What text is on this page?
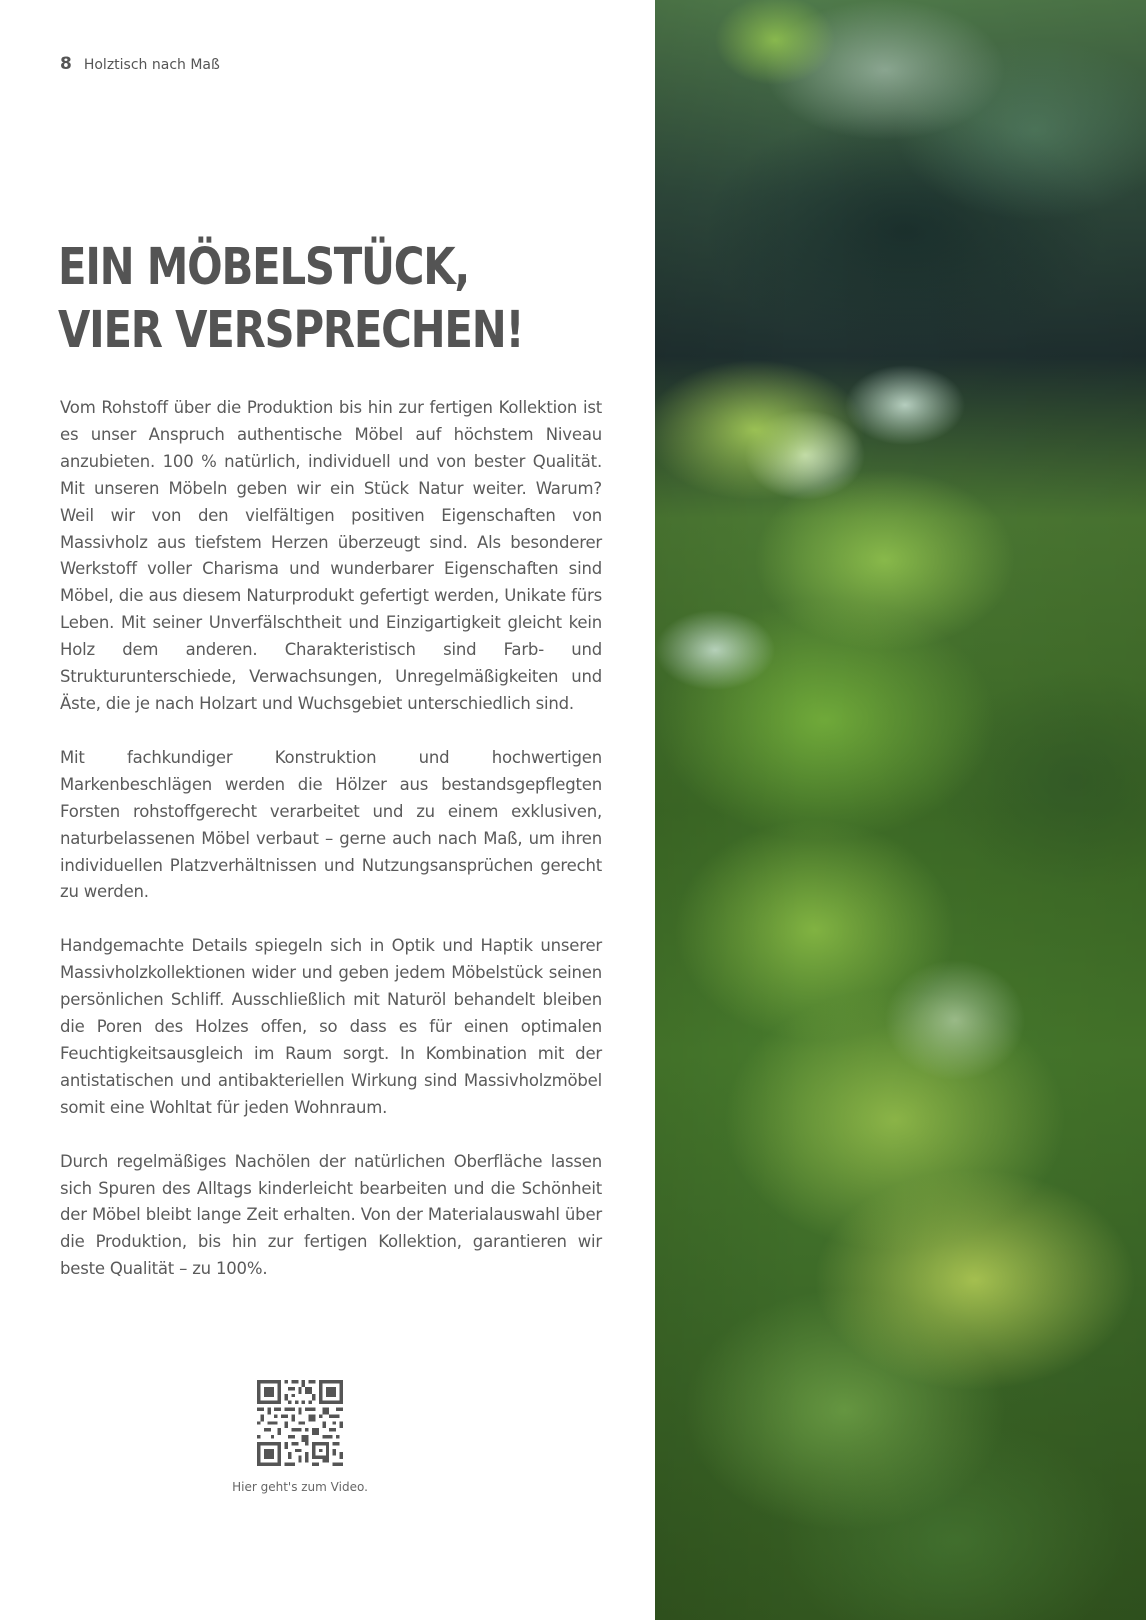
8 Holztisch nach Maß
EIN MÖBELSTÜCK,
VIER VERSPRECHEN!

Vom Rohstoff über die Produktion bis hin zur fertigen Kollektion ist es unser Anspruch authentische Möbel auf höchstem Niveau anzubieten. 100 % natürlich, individuell und von bester Qualität. Mit unseren Möbeln geben wir ein Stück Natur weiter. Warum? Weil wir von den vielfältigen positiven Eigenschaften von Massivholz aus tiefstem Herzen überzeugt sind. Als besonderer Werkstoff voller Charisma und wunderbarer Eigenschaften sind Möbel, die aus diesem Naturprodukt gefertigt werden, Unikate fürs Leben. Mit seiner Unverfälschtheit und Einzigartigkeit gleicht kein Holz dem anderen. Charakteristisch sind Farb- und Strukturunterschiede, Verwachsungen, Unregelmäßigkeiten und Äste, die je nach Holzart und Wuchsgebiet unterschiedlich sind.

Mit fachkundiger Konstruktion und hochwertigen Markenbeschlägen werden die Hölzer aus bestandsgepflegten Forsten rohstoffgerecht verarbeitet und zu einem exklusiven, naturbelassenen Möbel verbaut – gerne auch nach Maß, um ihren individuellen Platzverhältnissen und Nutzungsansprüchen gerecht zu werden.

Handgemachte Details spiegeln sich in Optik und Haptik unserer Massivholzkollektionen wider und geben jedem Möbelstück seinen persönlichen Schliff. Ausschließlich mit Naturöl behandelt bleiben die Poren des Holzes offen, so dass es für einen optimalen Feuchtigkeitsausgleich im Raum sorgt. In Kombination mit der antistatischen und antibakteriellen Wirkung sind Massivholzmöbel somit eine Wohltat für jeden Wohnraum.

Durch regelmäßiges Nachölen der natürlichen Oberfläche lassen sich Spuren des Alltags kinderleicht bearbeiten und die Schönheit der Möbel bleibt lange Zeit erhalten. Von der Materialauswahl über die Produktion, bis hin zur fertigen Kollektion, garantieren wir beste Qualität – zu 100%.

Hier geht's zum Video.
